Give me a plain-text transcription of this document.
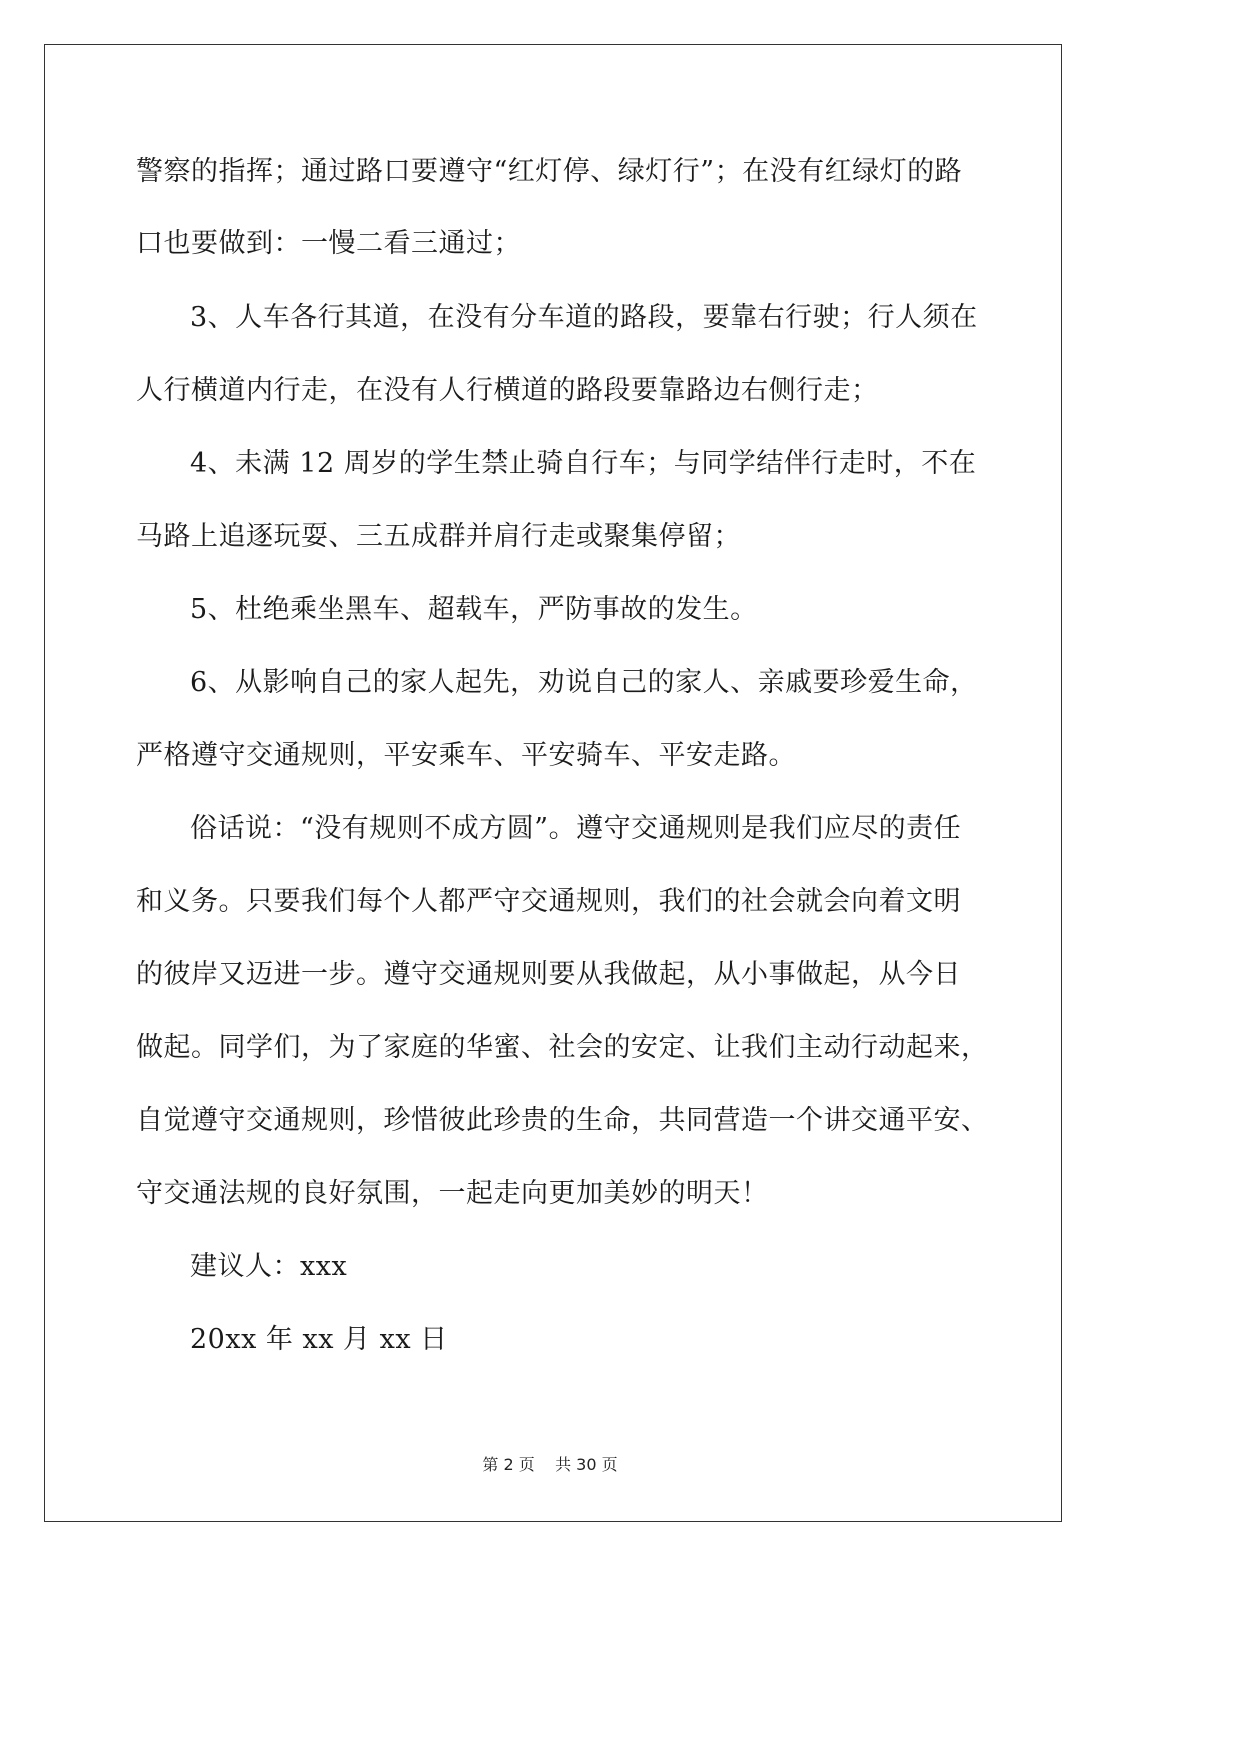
警察的指挥；通过路口要遵守“红灯停、绿灯行”；在没有红绿灯的路
口也要做到：一慢二看三通过；
3、人车各行其道，在没有分车道的路段，要靠右行驶；行人须在
人行横道内行走，在没有人行横道的路段要靠路边右侧行走；
4、未满 12 周岁的学生禁止骑自行车；与同学结伴行走时，不在
马路上追逐玩耍、三五成群并肩行走或聚集停留；
5、杜绝乘坐黑车、超载车，严防事故的发生。
6、从影响自己的家人起先，劝说自己的家人、亲戚要珍爱生命，
严格遵守交通规则，平安乘车、平安骑车、平安走路。
俗话说：“没有规则不成方圆”。遵守交通规则是我们应尽的责任
和义务。只要我们每个人都严守交通规则，我们的社会就会向着文明
的彼岸又迈进一步。遵守交通规则要从我做起，从小事做起，从今日
做起。同学们，为了家庭的华蜜、社会的安定、让我们主动行动起来，
自觉遵守交通规则，珍惜彼此珍贵的生命，共同营造一个讲交通平安、
守交通法规的良好氛围，一起走向更加美妙的明天！
建议人：xxx
20xx 年 xx 月 xx 日
第 2 页    共 30 页
